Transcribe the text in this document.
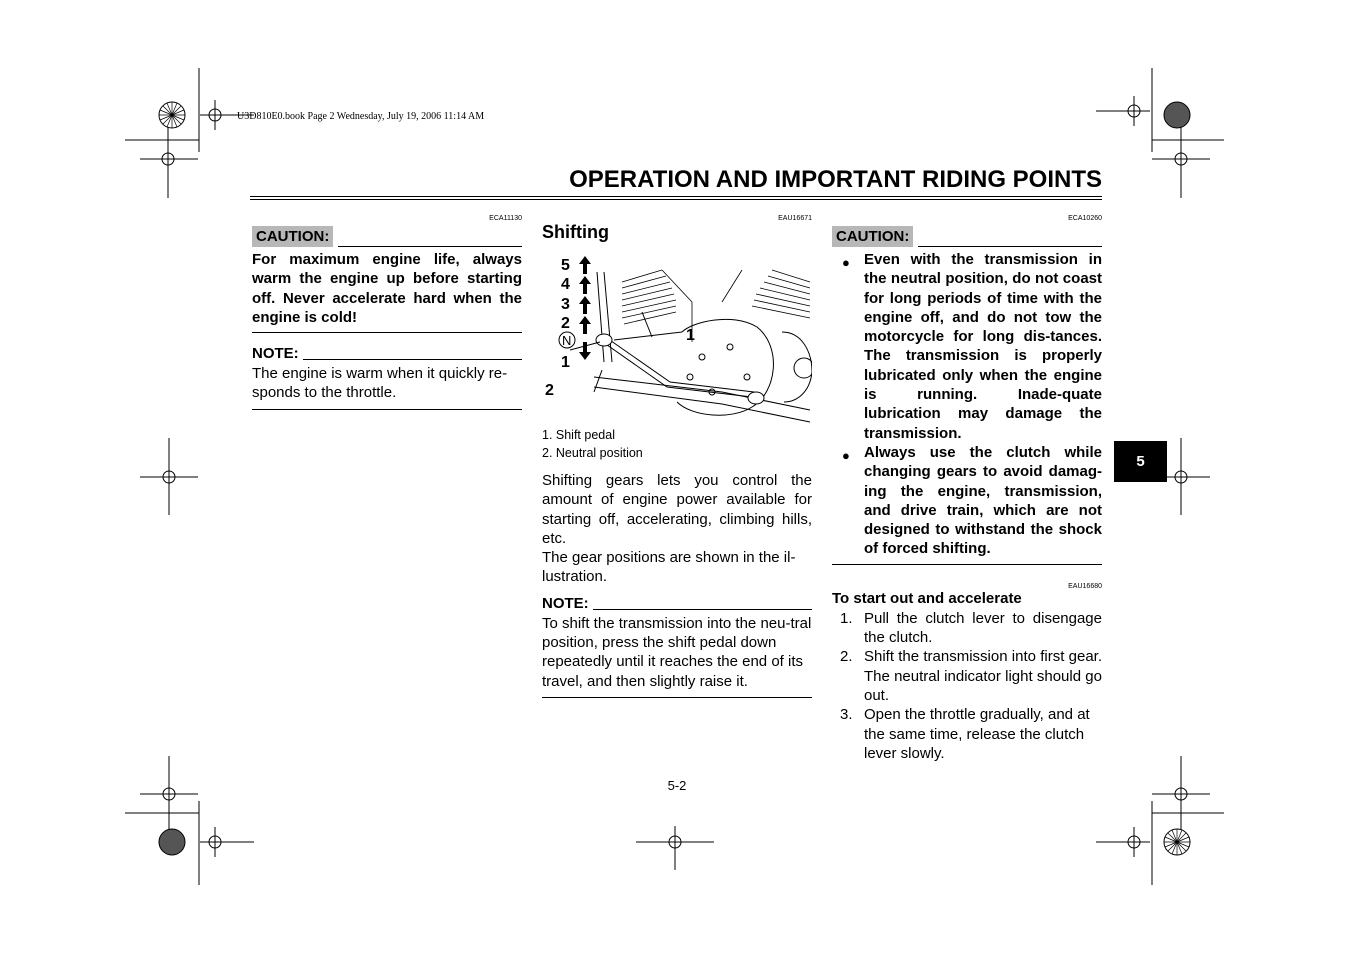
U3D810E0.book Page 2 Wednesday, July 19, 2006 11:14 AM
OPERATION AND IMPORTANT RIDING POINTS
ECA11130
CAUTION:
For maximum engine life, always warm the engine up before starting off. Never accelerate hard when the engine is cold!
NOTE:
The engine is warm when it quickly re-sponds to the throttle.
EAU16671
Shifting
5
4
3
2
1
2
1
N
1. Shift pedal
2. Neutral position
Shifting gears lets you control the amount of engine power available for starting off, accelerating, climbing hills, etc.
The gear positions are shown in the il-lustration.
NOTE:
To shift the transmission into the neu-tral position, press the shift pedal down repeatedly until it reaches the end of its travel, and then slightly raise it.
ECA10260
CAUTION:
● Even with the transmission in the neutral position, do not coast for long periods of time with the engine off, and do not tow the motorcycle for long dis-tances. The transmission is properly lubricated only when the engine is running. Inade-quate lubrication may damage the transmission.
● Always use the clutch while changing gears to avoid damag-ing the engine, transmission, and drive train, which are not designed to withstand the shock of forced shifting.
EAU16680
To start out and accelerate
1. Pull the clutch lever to disengage the clutch.
2. Shift the transmission into first gear. The neutral indicator light should go out.
3. Open the throttle gradually, and at the same time, release the clutch lever slowly.
5
5-2
